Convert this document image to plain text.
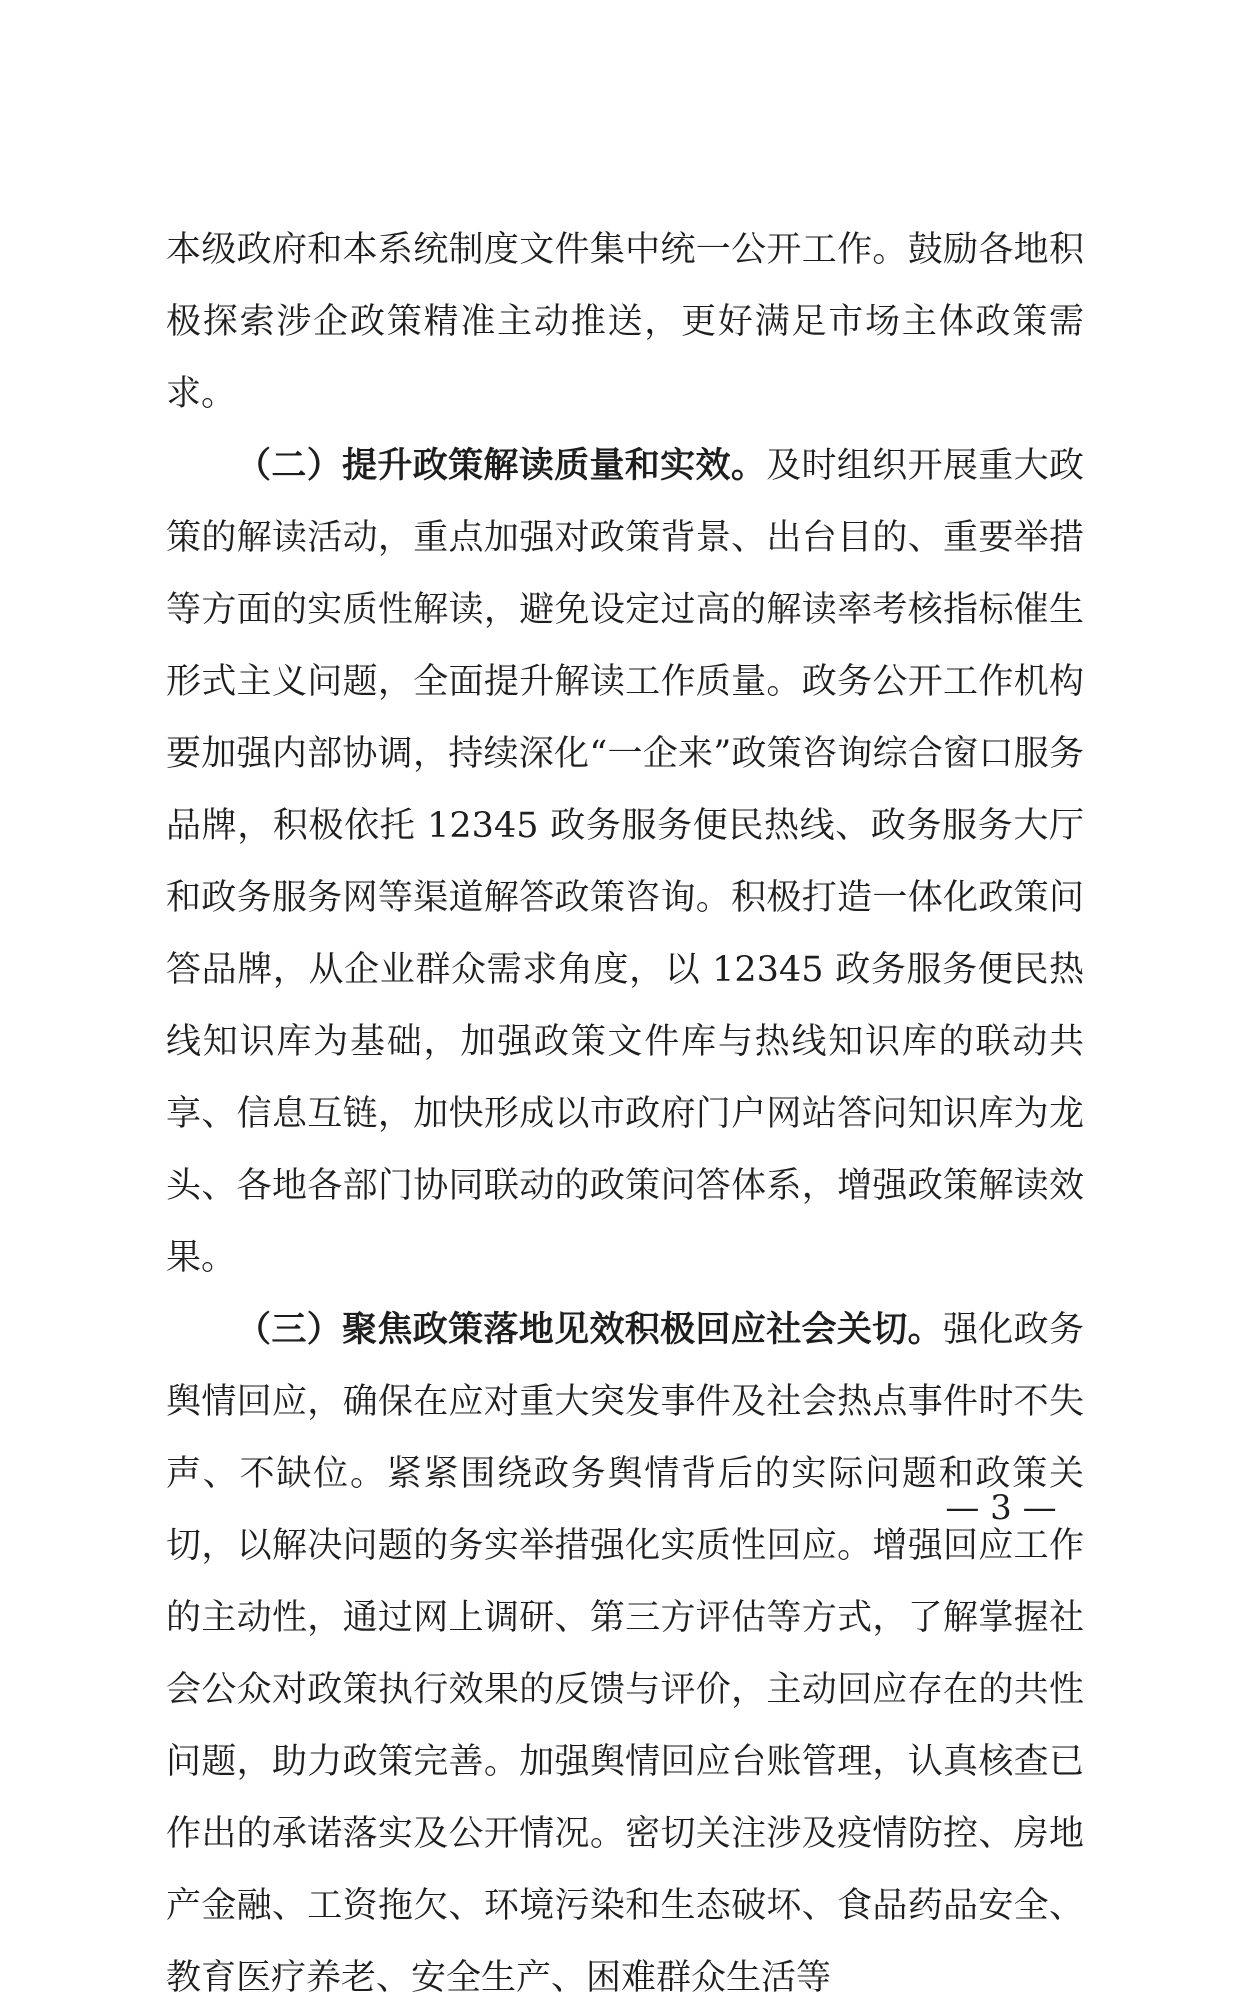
本级政府和本系统制度文件集中统一公开工作。鼓励各地积极探索涉企政策精准主动推送，更好满足市场主体政策需求。

（二）提升政策解读质量和实效。及时组织开展重大政策的解读活动，重点加强对政策背景、出台目的、重要举措等方面的实质性解读，避免设定过高的解读率考核指标催生形式主义问题，全面提升解读工作质量。政务公开工作机构要加强内部协调，持续深化“一企来”政策咨询综合窗口服务品牌，积极依托 12345 政务服务便民热线、政务服务大厅和政务服务网等渠道解答政策咨询。积极打造一体化政策问答品牌，从企业群众需求角度，以 12345 政务服务便民热线知识库为基础，加强政策文件库与热线知识库的联动共享、信息互链，加快形成以市政府门户网站答问知识库为龙头、各地各部门协同联动的政策问答体系，增强政策解读效果。

（三）聚焦政策落地见效积极回应社会关切。强化政务舆情回应，确保在应对重大突发事件及社会热点事件时不失声、不缺位。紧紧围绕政务舆情背后的实际问题和政策关切，以解决问题的务实举措强化实质性回应。增强回应工作的主动性，通过网上调研、第三方评估等方式，了解掌握社会公众对政策执行效果的反馈与评价，主动回应存在的共性问题，助力政策完善。加强舆情回应台账管理，认真核查已作出的承诺落实及公开情况。密切关注涉及疫情防控、房地产金融、工资拖欠、环境污染和生态破坏、食品药品安全、教育医疗养老、安全生产、困难群众生活等

— 3 —
